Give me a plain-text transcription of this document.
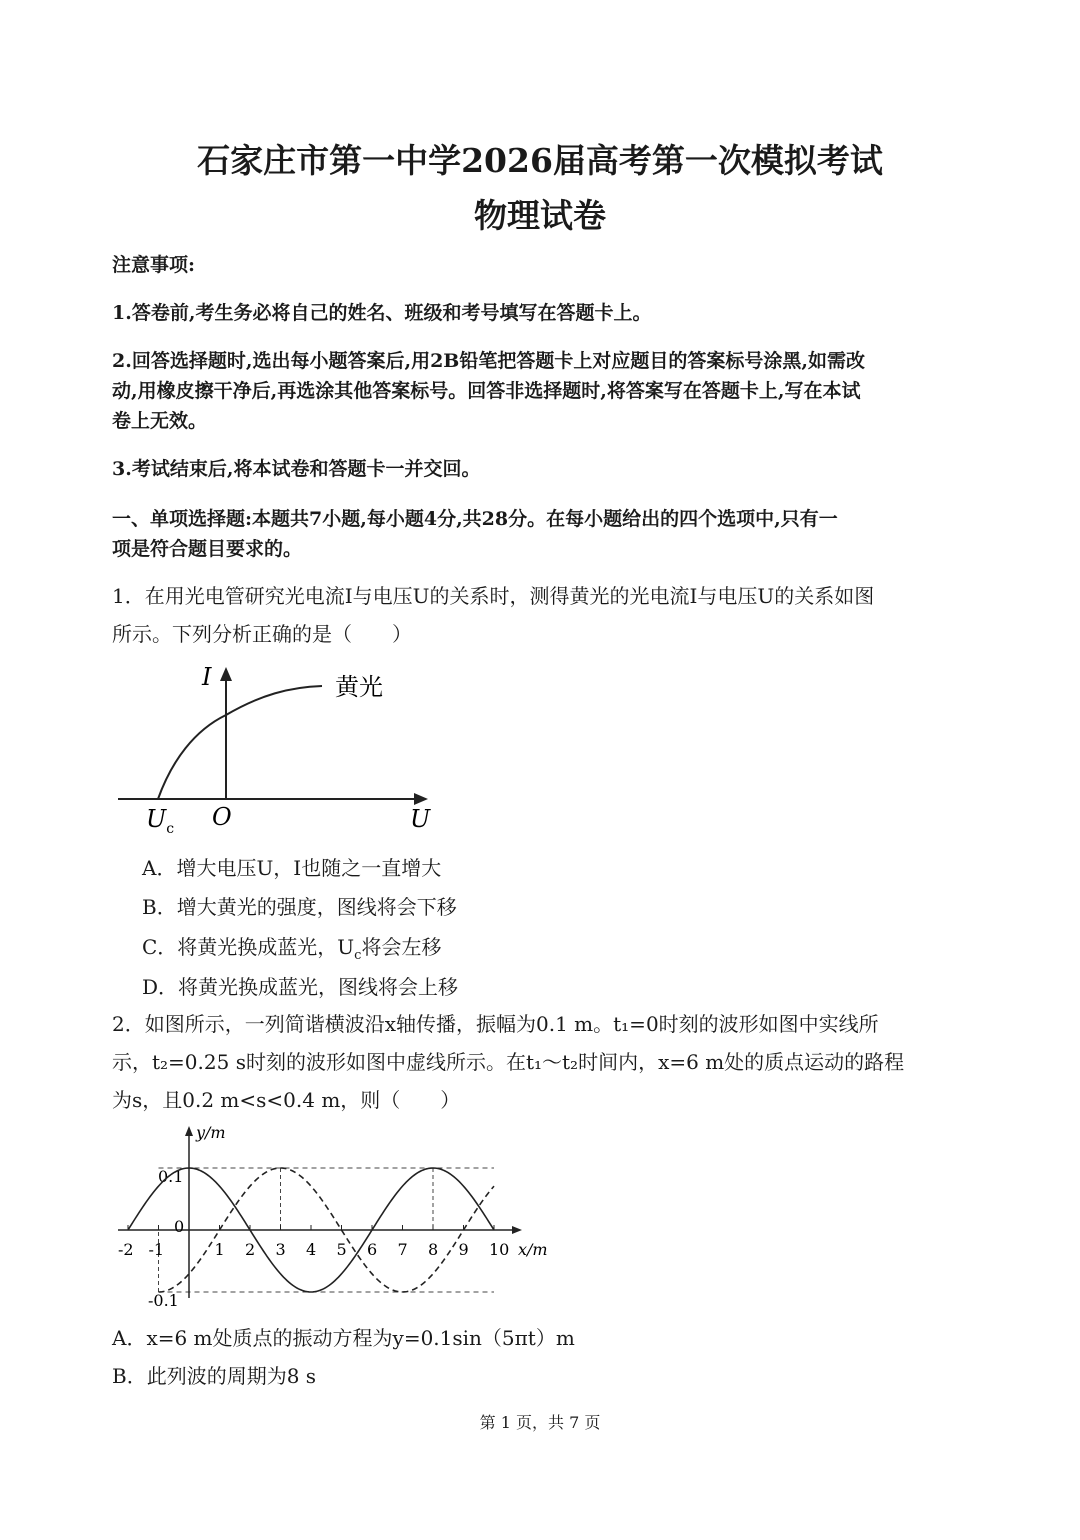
石家庄市第一中学2026届高考第一次模拟考试
物理试卷
注意事项:
1.答卷前,考生务必将自己的姓名、班级和考号填写在答题卡上。
2.回答选择题时,选出每小题答案后,用2B铅笔把答题卡上对应题目的答案标号涂黑,如需改
动,用橡皮擦干净后,再选涂其他答案标号。回答非选择题时,将答案写在答题卡上,写在本试
卷上无效。
3.考试结束后,将本试卷和答题卡一并交回。
一、单项选择题:本题共7小题,每小题4分,共28分。在每小题给出的四个选项中,只有一
项是符合题目要求的。
1．在用光电管研究光电流I与电压U的关系时，测得黄光的光电流I与电压U的关系如图
所示。下列分析正确的是（　　）
I	黄光
$U_c$ O	U
A．增大电压U，I也随之一直增大
B．增大黄光的强度，图线将会下移
C．将黄光换成蓝光，$U_c$将会左移
D．将黄光换成蓝光，图线将会上移
2．如图所示，一列简谐横波沿x轴传播，振幅为0.1 m。t₁=0时刻的波形如图中实线所
示，t₂=0.25 s时刻的波形如图中虚线所示。在t₁～t₂时间内，x=6 m处的质点运动的路程
为s，且0.2 m<s<0.4 m，则（　　）
y/m
x/m
0.1
0
-0.1
-2 -1	1 2 3 4 5 6 7 8 9 10
A．x=6 m处质点的振动方程为y=0.1sin（5πt）m
B．此列波的周期为8 s
第 1 页，共 7 页
